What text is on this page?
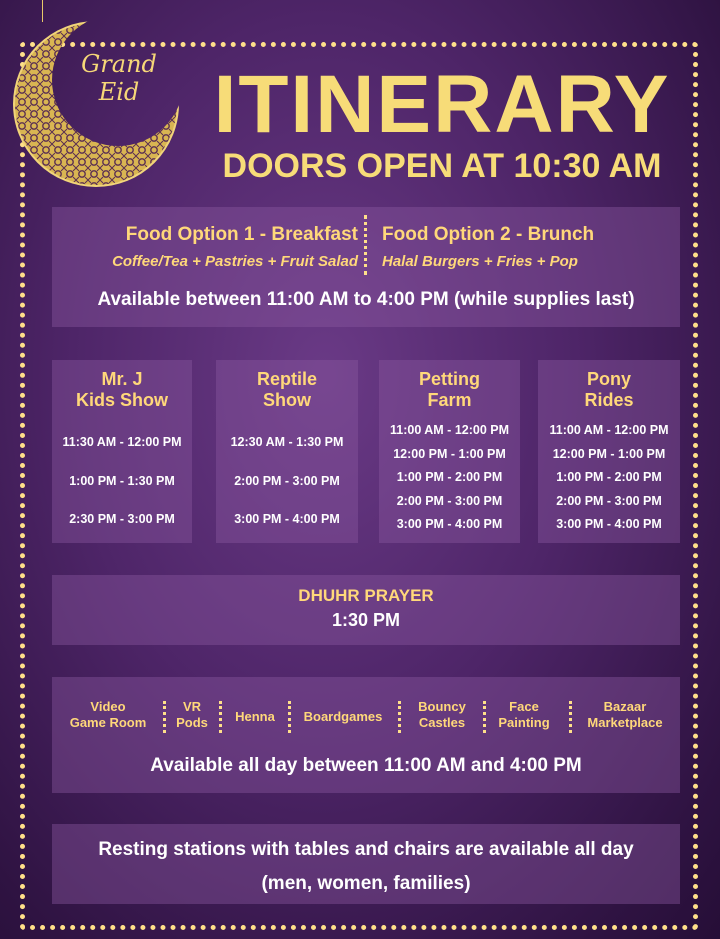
Grand
Eid ITINERARY
DOORS OPEN AT 10:30 AM
Food Option 1 - Breakfast
Coffee/Tea + Pastries + Fruit Salad
Food Option 2 - Brunch
Halal Burgers + Fries + Pop
Available between 11:00 AM to 4:00 PM (while supplies last)
Mr. J
Kids Show
11:30 AM - 12:00 PM
1:00 PM - 1:30 PM
2:30 PM - 3:00 PM
Reptile
Show
12:30 AM - 1:30 PM
2:00 PM - 3:00 PM
3:00 PM - 4:00 PM
Petting
Farm
11:00 AM - 12:00 PM
12:00 PM - 1:00 PM
1:00 PM - 2:00 PM
2:00 PM - 3:00 PM
3:00 PM - 4:00 PM
Pony
Rides
11:00 AM - 12:00 PM
12:00 PM - 1:00 PM
1:00 PM - 2:00 PM
2:00 PM - 3:00 PM
3:00 PM - 4:00 PM
DHUHR PRAYER
1:30 PM
Video
Game Room
VR
Pods	Henna	Boardgames
Bouncy
Castles
Face
Painting
Bazaar
Marketplace
Available all day between 11:00 AM and 4:00 PM
Resting stations with tables and chairs are available all day
(men, women, families)
